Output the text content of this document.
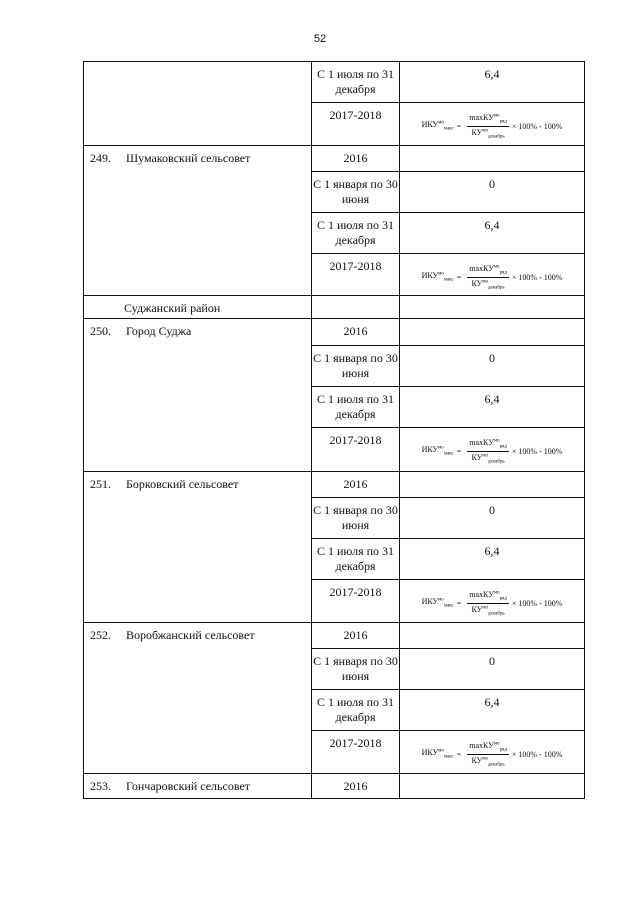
52
	С 1 июля по 31 декабря	6,4
	2017-2018	$ИКУ^{мо}_{макс} = \frac{\max КУ^{мо}_{ряд}}{КУ^{мо}_{декабрь}} \times 100\% - 100\%$

249. Шумаковский сельсовет	2016	
	С 1 января по 30 июня	0
	С 1 июля по 31 декабря	6,4
	2017-2018	$ИКУ^{мо}_{макс} = \frac{\max КУ^{мо}_{ряд}}{КУ^{мо}_{декабрь}} \times 100\% - 100\%$

Суджанский район		
250. Город Суджа	2016	
	С 1 января по 30 июня	0
	С 1 июля по 31 декабря	6,4
	2017-2018	$ИКУ^{мо}_{макс} = \frac{\max КУ^{мо}_{ряд}}{КУ^{мо}_{декабрь}} \times 100\% - 100\%$

251. Борковский сельсовет	2016	
	С 1 января по 30 июня	0
	С 1 июля по 31 декабря	6,4
	2017-2018	$ИКУ^{мо}_{макс} = \frac{\max КУ^{мо}_{ряд}}{КУ^{мо}_{декабрь}} \times 100\% - 100\%$

252. Воробжанский сельсовет	2016	
	С 1 января по 30 июня	0
	С 1 июля по 31 декабря	6,4
	2017-2018	$ИКУ^{мо}_{макс} = \frac{\max КУ^{мо}_{ряд}}{КУ^{мо}_{декабрь}} \times 100\% - 100\%$

253. Гончаровский сельсовет	2016	
